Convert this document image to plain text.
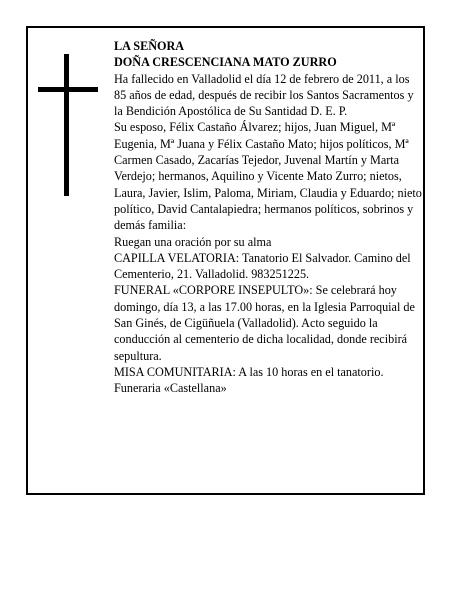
LA SEÑORA

DOÑA CRESCENCIANA MATO ZURRO

Ha fallecido en Valladolid el día 12 de febrero de 2011, a los 85 años de edad, después de recibir los Santos Sacramentos y la Bendición Apostólica de Su Santidad D. E. P.

Su esposo, Félix Castaño Álvarez; hijos, Juan Miguel, Mª Eugenia, Mª Juana y Félix Castaño Mato; hijos políticos, Mª Carmen Casado, Zacarías Tejedor, Juvenal Martín y Marta Verdejo; hermanos, Aquilino y Vicente Mato Zurro; nietos, Laura, Javier, Islim, Paloma, Miriam, Claudia y Eduardo; nieto político, David Cantalapiedra; hermanos políticos, sobrinos y demás familia:

Ruegan una oración por su alma

CAPILLA VELATORIA: Tanatorio El Salvador. Camino del Cementerio, 21. Valladolid. 983251225.

FUNERAL «CORPORE INSEPULTO»: Se celebrará hoy domingo, día 13, a las 17.00 horas, en la Iglesia Parroquial de San Ginés, de Cigüñuela (Valladolid). Acto seguido la conducción al cementerio de dicha localidad, donde recibirá sepultura.

MISA COMUNITARIA: A las 10 horas en el tanatorio.

Funeraria «Castellana»
